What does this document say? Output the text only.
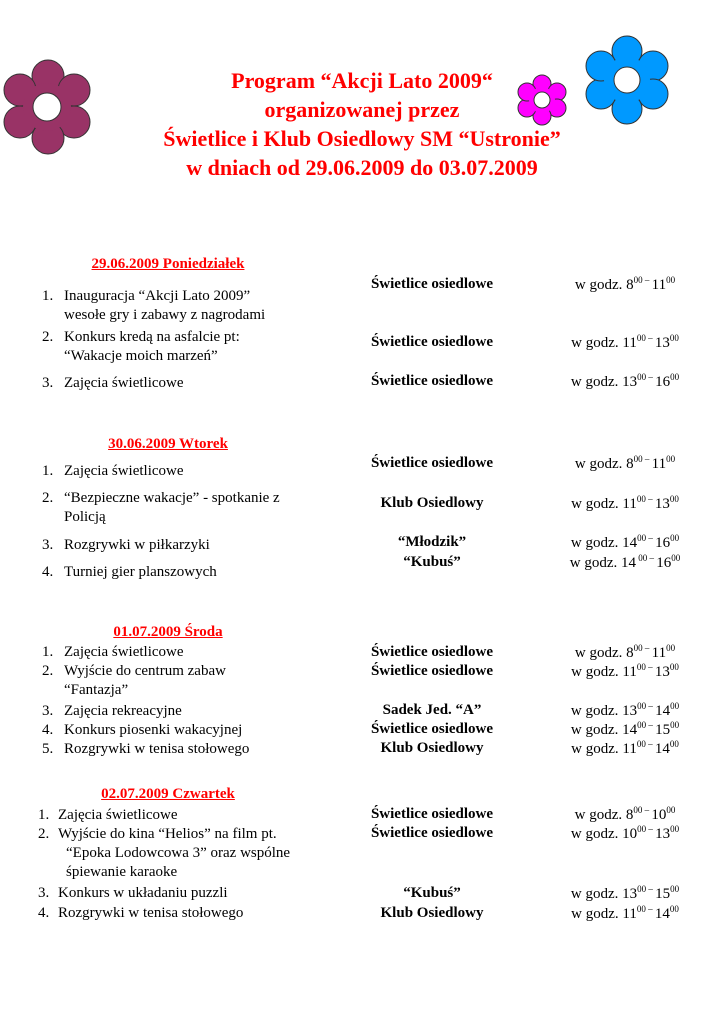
Program “Akcji Lato 2009“
organizowanej przez
Świetlice i Klub Osiedlowy SM “Ustronie”
w dniach od 29.06.2009 do 03.07.2009
29.06.2009 Poniedziałek
1. Inauguracja “Akcji Lato 2009”
wesołe gry i zabawy z nagrodami
Świetlice osiedlowe	w godz. $8^{00 -}$ $11^{00}$
2. Konkurs kredą na asfalcie pt:
“Wakacje moich marzeń”
Świetlice osiedlowe	w godz. $11^{00 -}$ $13^{00}$
3. Zajęcia świetlicowe	Świetlice osiedlowe	w godz. $13^{00 -}$ $16^{00}$
30.06.2009 Wtorek
1. Zajęcia świetlicowe	Świetlice osiedlowe	w godz. $8^{00 -}$ $11^{00}$
2. “Bezpieczne wakacje” - spotkanie z
Policją
Klub Osiedlowy	w godz. $11^{00 -}$ $13^{00}$
3. Rozgrywki w piłkarzyki	“Młodzik”	w godz. $14^{00 -}$ $16^{00}$
4. Turniej gier planszowych
“Kubuś”	w godz. 14 $^{00 -}$ $16^{00}$
01.07.2009 Środa
1. Zajęcia świetlicowe	Świetlice osiedlowe	w godz. $8^{00 -}$ $11^{00}$
2. Wyjście do centrum zabaw
“Fantazja”
Świetlice osiedlowe	w godz. $11^{00 -}$ $13^{00}$
3. Zajęcia rekreacyjne	Sadek Jed. “A”	w godz. $13^{00 -}$ $14^{00}$
4. Konkurs piosenki wakacyjnej	Świetlice osiedlowe	w godz. $14^{00 -}$ $15^{00}$
5. Rozgrywki w tenisa stołowego	Klub Osiedlowy	w godz. $11^{00 -}$ $14^{00}$
02.07.2009 Czwartek
1. Zajęcia świetlicowe	Świetlice osiedlowe	w godz. $8^{00 -}$ $10^{00}$
2. Wyjście do kina “Helios” na film pt.
“Epoka Lodowcowa 3” oraz wspólne
śpiewanie karaoke
Świetlice osiedlowe	w godz. $10^{00 -}$ $13^{00}$
3. Konkurs w układaniu puzzli	“Kubuś”	w godz. $13^{00 -}$ $15^{00}$
4. Rozgrywki w tenisa stołowego	Klub Osiedlowy	w godz. $11^{00 -}$ $14^{00}$
